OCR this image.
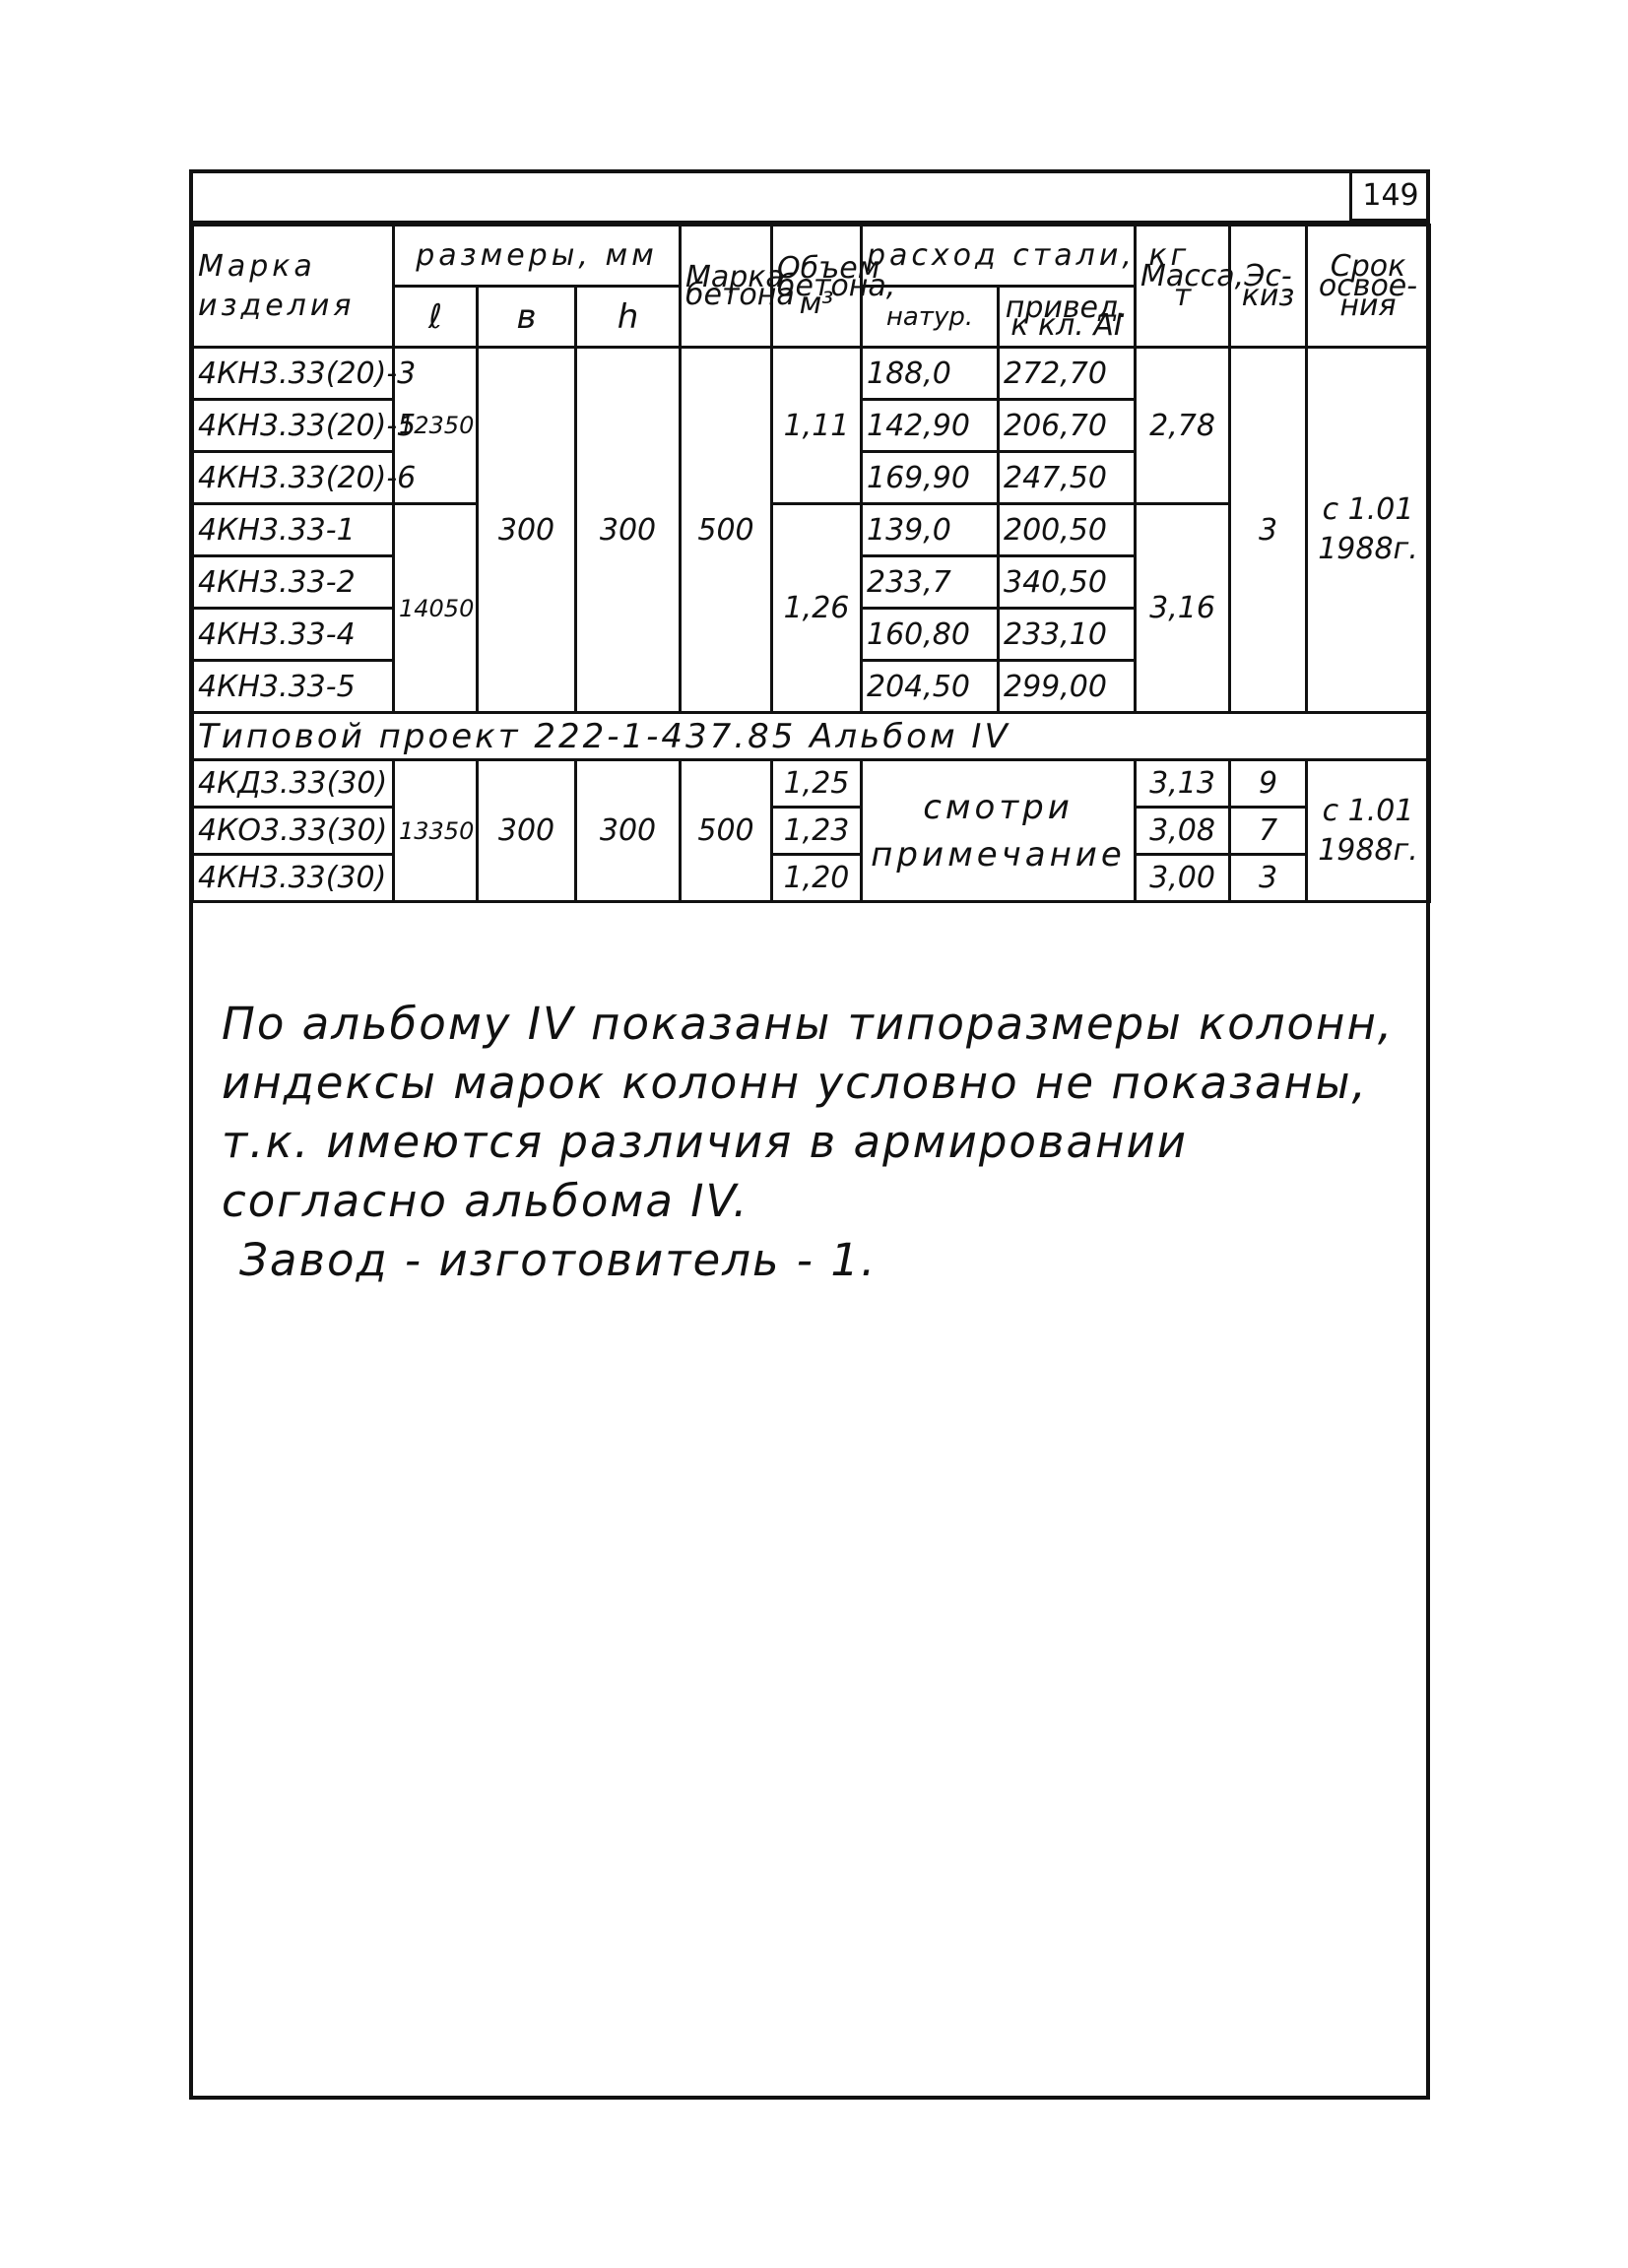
149
Марка изделия	размеры, мм			Марка бетона	Объем бетона, м³	расход стали, кг		Масса, т	Эс-киз	Срок освое-ния
	ℓ	в	h			натур.	привед. к кл. АI			
4КН3.33(20)-3	12350	300	300	500	1,11	188,0	272,70	2,78	3	с 1.01 1988г.
4КН3.33(20)-5						142,90	206,70			
4КН3.33(20)-6						169,90	247,50			
4КН3.33-1	14050				1,26	139,0	200,50	3,16		
4КН3.33-2						233,7	340,50			
4КН3.33-4						160,80	233,10			
4КН3.33-5						204,50	299,00			
Типовой проект 222-1-437.85 Альбом IV										
4КД3.33(30)	13350	300	300	500	1,25	смотри примечание		3,13	9	с 1.01 1988г.
4КО3.33(30)					1,23			3,08	7	
4КН3.33(30)					1,20			3,00	3	
По альбому IV показаны типоразмеры колонн,
индексы марок колонн условно не показаны,
т.к. имеются различия в армировании
согласно альбома IV.
Завод - изготовитель - 1.
